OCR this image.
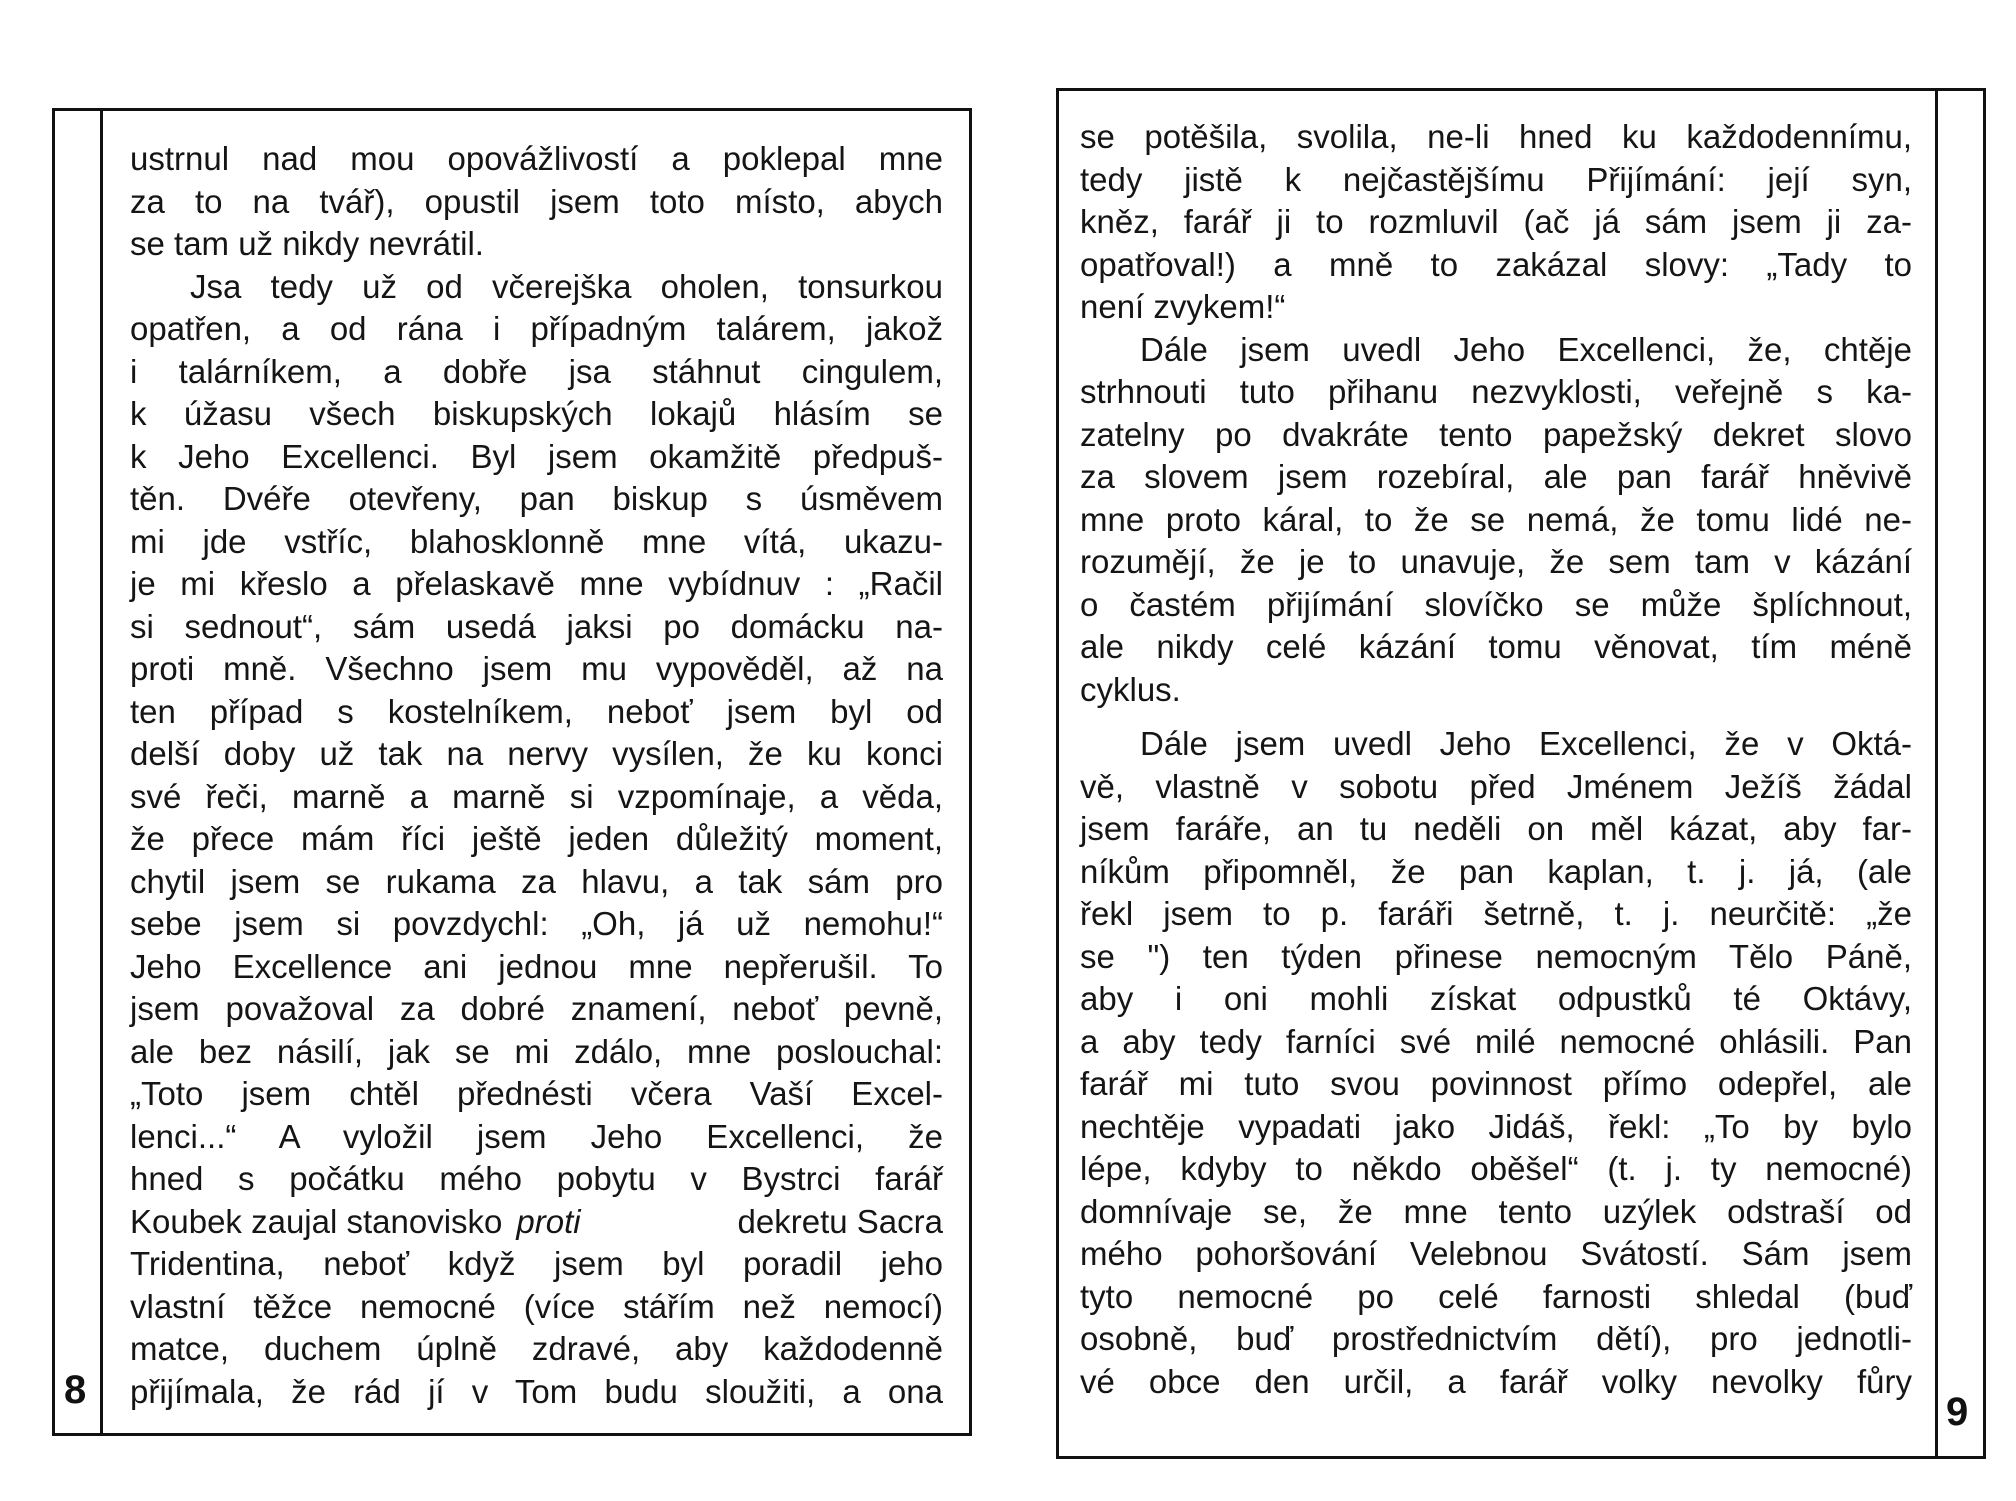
ustrnul nad mou opovážlivostí a poklepal mne
za to na tvář), opustil jsem toto místo, abych
se tam už nikdy nevrátil.
Jsa tedy už od včerejška oholen, tonsurkou
opatřen, a od rána i případným talárem, jakož
i talárníkem, a dobře jsa stáhnut cingulem,
k úžasu všech biskupských lokajů hlásím se
k Jeho Excellenci. Byl jsem okamžitě předpuš-
těn. Dvéře otevřeny, pan biskup s úsměvem
mi jde vstříc, blahosklonně mne vítá, ukazu-
je mi křeslo a přelaskavě mne vybídnuv : „Račil
si sednout“, sám usedá jaksi po domácku na-
proti mně. Všechno jsem mu vypověděl, až na
ten případ s kostelníkem, neboť jsem byl od
delší doby už tak na nervy vysílen, že ku konci
své řeči, marně a marně si vzpomínaje, a věda,
že přece mám říci ještě jeden důležitý moment,
chytil jsem se rukama za hlavu, a tak sám pro
sebe jsem si povzdychl: „Oh, já už nemohu!“
Jeho Excellence ani jednou mne nepřerušil. To
jsem považoval za dobré znamení, neboť pevně,
ale bez násilí, jak se mi zdálo, mne poslouchal:
„Toto jsem chtěl přednésti včera Vaší Excel-
lenci...“ A vyložil jsem Jeho Excellenci, že
hned s počátku mého pobytu v Bystrci farář
Koubek zaujal stanovisko proti	dekretu Sacra
Tridentina, neboť když jsem byl poradil jeho
vlastní těžce nemocné (více stářím než nemocí)
matce, duchem úplně zdravé, aby každodenně
přijímala, že rád jí v Tom budu sloužiti, a ona
8
se potěšila, svolila, ne-li hned ku každodennímu,
tedy jistě k nejčastějšímu Přijímání: její syn,
kněz, farář ji to rozmluvil (ač já sám jsem ji za-
opatřoval!) a mně to zakázal slovy: „Tady to
není zvykem!“
Dále jsem uvedl Jeho Excellenci, že, chtěje
strhnouti tuto přihanu nezvyklosti, veřejně s ka-
zatelny po dvakráte tento papežský dekret slovo
za slovem jsem rozebíral, ale pan farář hněvivě
mne proto káral, to že se nemá, že tomu lidé ne-
rozumějí, že je to unavuje, že sem tam v kázání
o častém přijímání slovíčko se může šplíchnout,
ale nikdy celé kázání tomu věnovat, tím méně
cyklus.
Dále jsem uvedl Jeho Excellenci, že v Oktá-
vě, vlastně v sobotu před Jménem Ježíš žádal
jsem faráře, an tu neděli on měl kázat, aby far-
níkům připomněl, že pan kaplan, t. j. já, (ale
řekl jsem to p. faráři šetrně, t. j. neurčitě: „že
se ") ten týden přinese nemocným Tělo Páně,
aby i oni mohli získat odpustků té Oktávy,
a aby tedy farníci své milé nemocné ohlásili. Pan
farář mi tuto svou povinnost přímo odepřel, ale
nechtěje vypadati jako Jidáš, řekl: „To by bylo
lépe, kdyby to někdo oběšel“ (t. j. ty nemocné)
domnívaje se, že mne tento uzýlek odstraší od
mého pohoršování Velebnou Svátostí. Sám jsem
tyto nemocné po celé farnosti shledal (buď
osobně, buď prostřednictvím dětí), pro jednotli-
vé obce den určil, a farář volky nevolky fůry
9
